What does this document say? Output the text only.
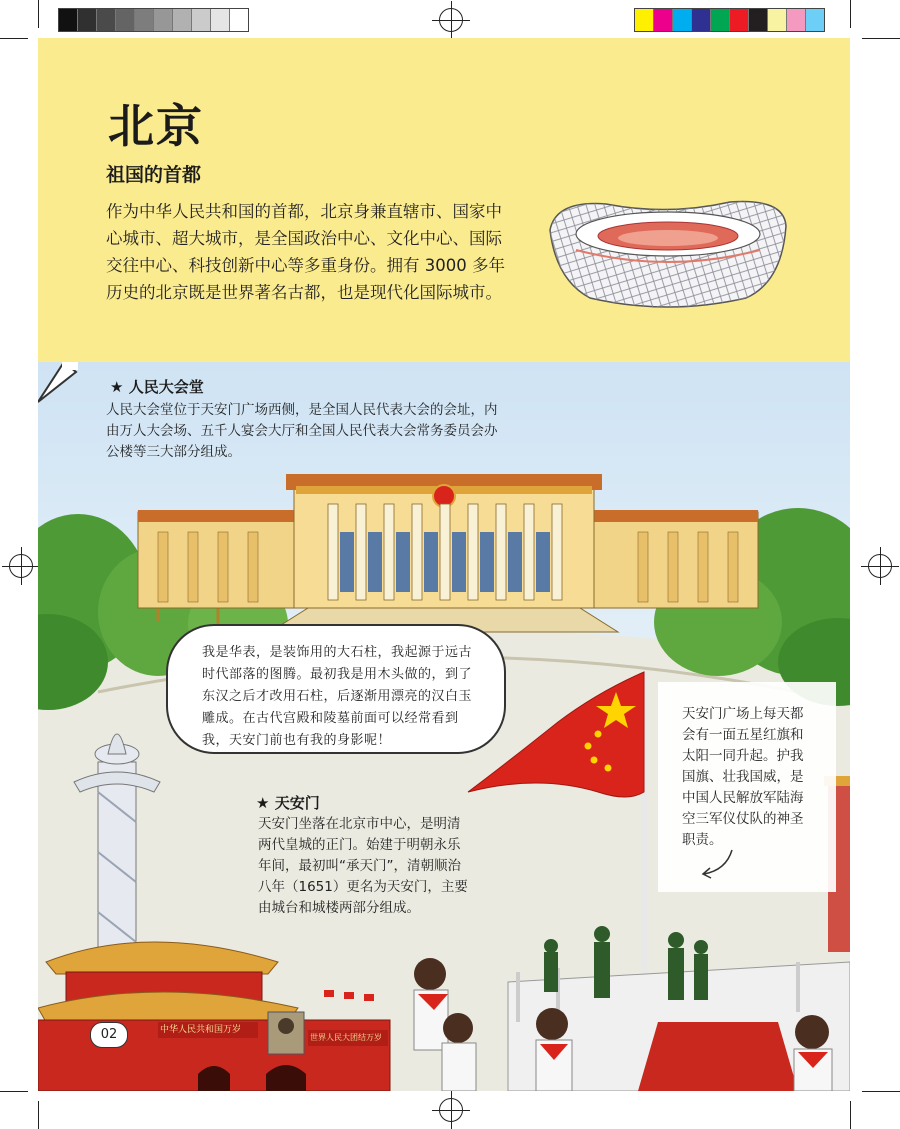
北京
祖国的首都

作为中华人民共和国的首都，北京身兼直辖市、国家中心城市、超大城市，是全国政治中心、文化中心、国际交往中心、科技创新中心等多重身份。拥有 3000 多年历史的北京既是世界著名古都，也是现代化国际城市。

★ 人民大会堂

人民大会堂位于天安门广场西侧，是全国人民代表大会的会址，内由万人大会场、五千人宴会大厅和全国人民代表大会常务委员会办公楼等三大部分组成。

我是华表，是装饰用的大石柱，我起源于远古时代部落的图腾。最初我是用木头做的，到了东汉之后才改用石柱，后逐渐用漂亮的汉白玉雕成。在古代宫殿和陵墓前面可以经常看到我，天安门前也有我的身影呢！

★ 天安门

天安门坐落在北京市中心，是明清两代皇城的正门。始建于明朝永乐年间，最初叫“承天门”，清朝顺治八年（1651）更名为天安门，主要由城台和城楼两部分组成。

中华人民共和国万岁
世界人民大团结万岁

天安门广场上每天都会有一面五星红旗和太阳一同升起。护我国旗、壮我国威，是中国人民解放军陆海空三军仪仗队的神圣职责。

02
